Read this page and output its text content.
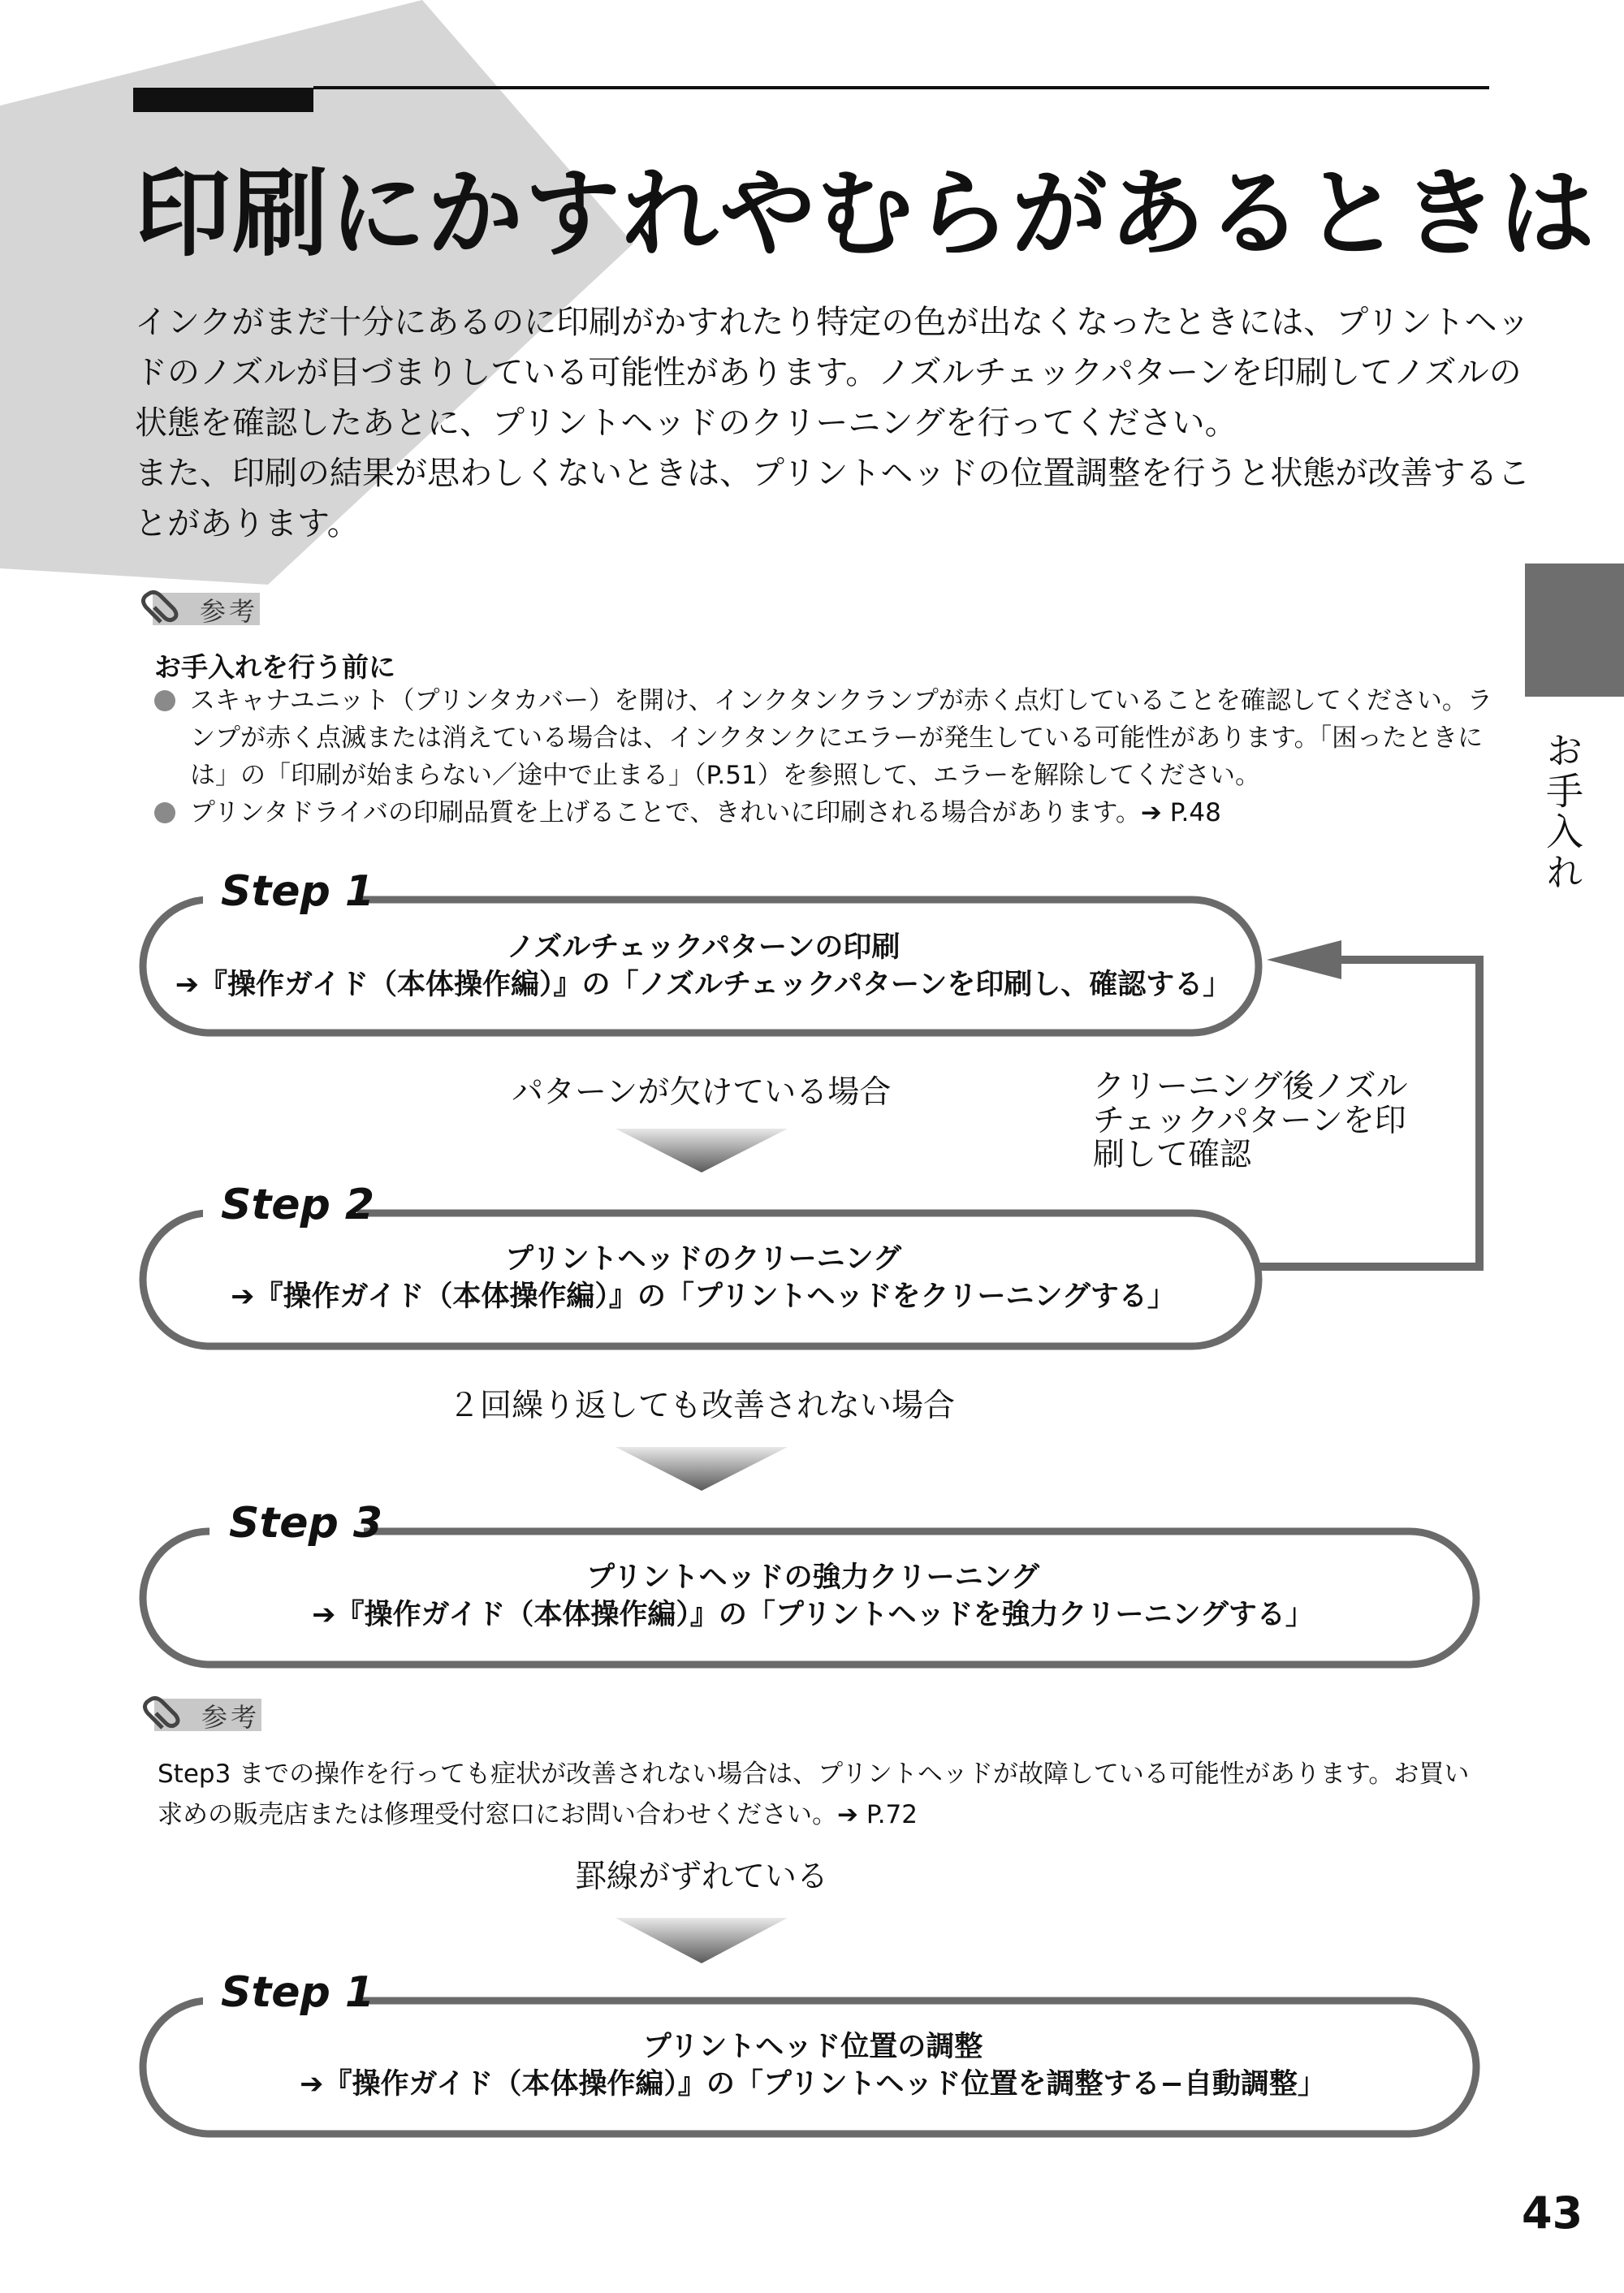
印刷にかすれやむらがあるときは

インクがまだ十分にあるのに印刷がかすれたり特定の色が出なくなったときには、プリントヘッ

ドのノズルが目づまりしている可能性があります。ノズルチェックパターンを印刷してノズルの

状態を確認したあとに、プリントヘッドのクリーニングを行ってください。

また、印刷の結果が思わしくないときは、プリントヘッドの位置調整を行うと状態が改善するこ

とがあります。

お手入れ
参考
お手入れを行う前に
スキャナユニット（プリンタカバー）を開け、インクタンクランプが赤く点灯していることを確認してください。ランプが赤く点滅または消えている場合は、インクタンクにエラーが発生している可能性があります。「困ったときには」の「印刷が始まらない／途中で止まる」（P.51）を参照して、エラーを解除してください。
プリンタドライバの印刷品質を上げることで、きれいに印刷される場合があります。➔ P.48
Step 1
Step 2
Step 3
Step 1
ノズルチェックパターンの印刷
➔『操作ガイド（本体操作編）』の「ノズルチェックパターンを印刷し、確認する」
プリントヘッドのクリーニング
➔『操作ガイド（本体操作編）』の「プリントヘッドをクリーニングする」
プリントヘッドの強力クリーニング
➔『操作ガイド（本体操作編）』の「プリントヘッドを強力クリーニングする」
プリントヘッド位置の調整
➔『操作ガイド（本体操作編）』の「プリントヘッド位置を調整する−自動調整」
パターンが欠けている場合
２回繰り返しても改善されない場合
罫線がずれている
クリーニング後ノズル
チェックパターンを印
刷して確認
参考
Step3 までの操作を行っても症状が改善されない場合は、プリントヘッドが故障している可能性があります。お買い
求めの販売店または修理受付窓口にお問い合わせください。➔ P.72
43
